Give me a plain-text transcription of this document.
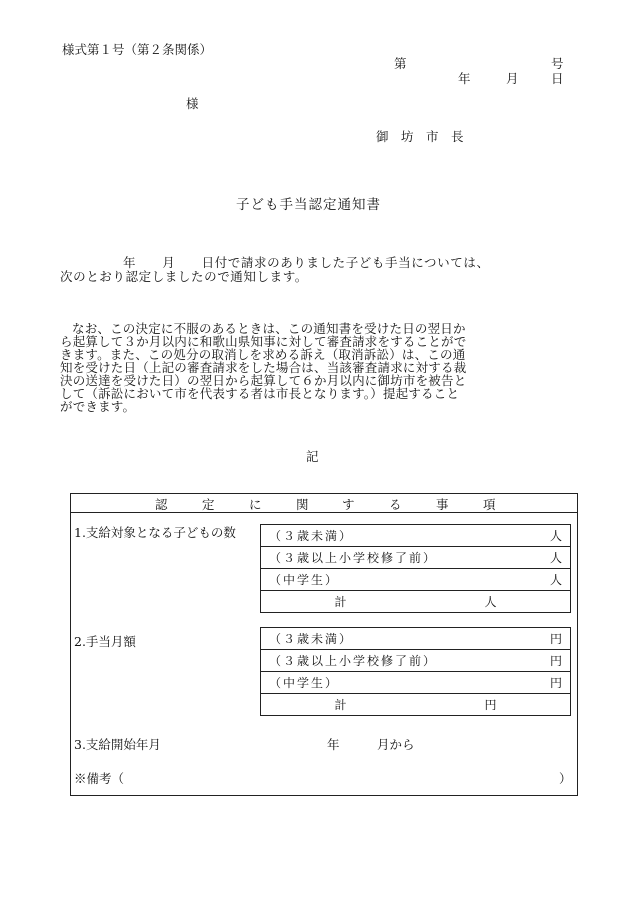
様式第１号（第２条関係）
第	号
年	月	日
様
御　坊　市　長
子ども手当認定通知書
年　　月　　日付で請求のありました子ども手当については、
次のとおり認定しましたので通知します。
なお、この決定に不服のあるときは、この通知書を受けた日の翌日か
ら起算して３か月以内に和歌山県知事に対して審査請求をすることがで
きます。また、この処分の取消しを求める訴え（取消訴訟）は、この通
知を受けた日（上記の審査請求をした場合は、当該審査請求に対する裁
決の送達を受けた日）の翌日から起算して６か月以内に御坊市を被告と
して（訴訟において市を代表する者は市長となります。）提起すること
ができます。
記
認	定	に	関	す	る	事	項
1.支給対象となる子どもの数	（３歳未満）	人

（３歳以上小学校修了前）	人

（中学生）	人

計	人
2.手当月額	（３歳未満）	円

（３歳以上小学校修了前）	円

（中学生）	円

計	円
3.支給開始年月	年	月から
※備考（	）
